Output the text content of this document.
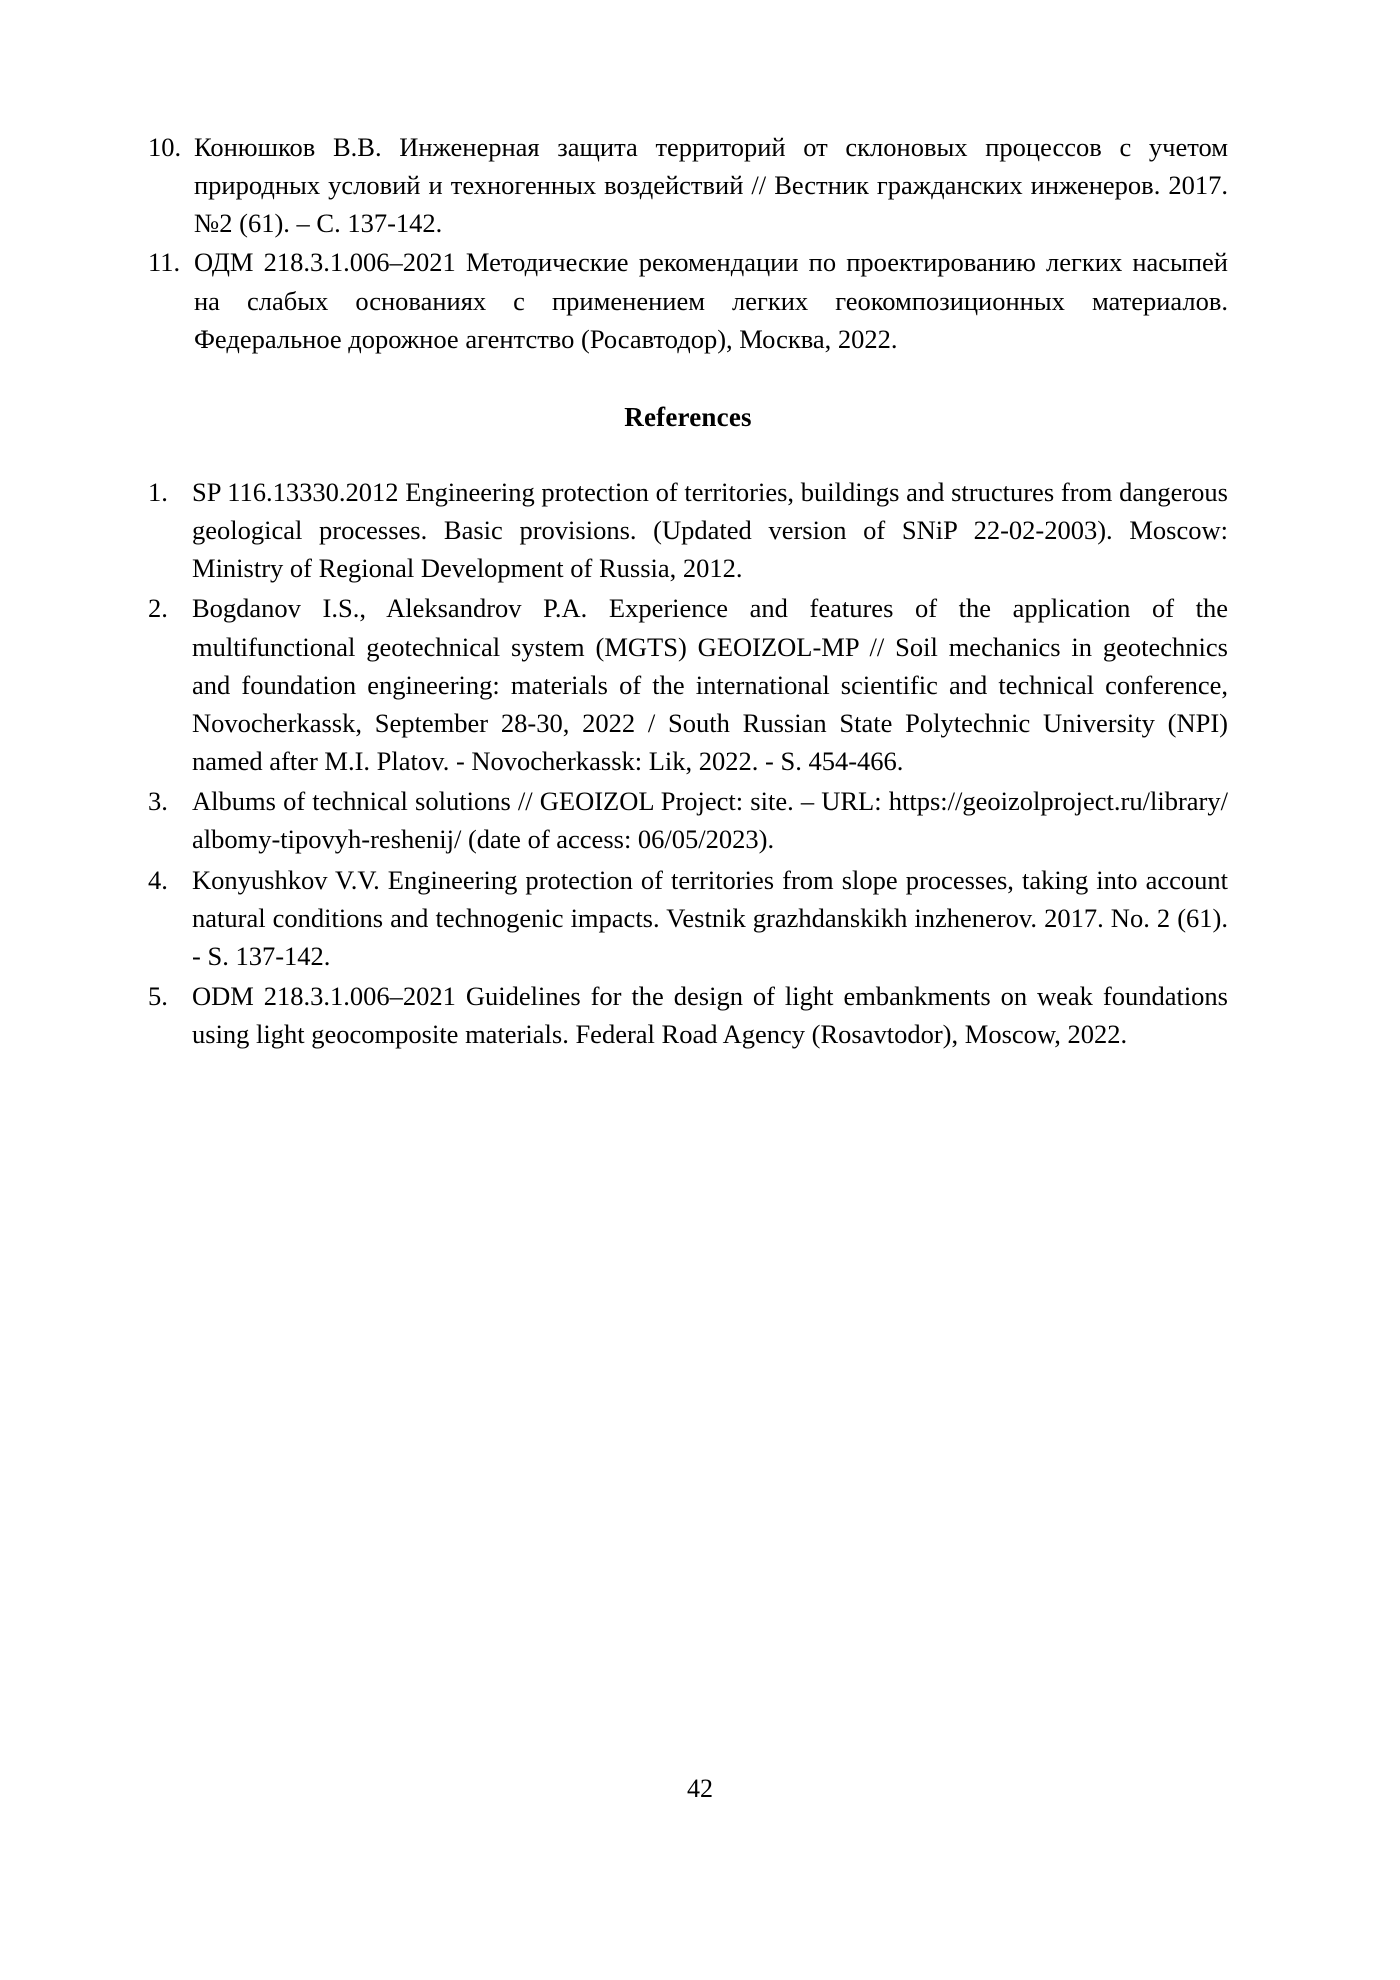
10. Конюшков В.В. Инженерная защита территорий от склоновых процессов с учетом природных условий и техногенных воздействий // Вестник гражданских инженеров. 2017. №2 (61). – С. 137-142.
11. ОДМ 218.3.1.006–2021 Методические рекомендации по проектированию легких насыпей на слабых основаниях с применением легких геокомпозиционных материалов. Федеральное дорожное агентство (Росавтодор), Москва, 2022.
References
1. SP 116.13330.2012 Engineering protection of territories, buildings and structures from dangerous geological processes. Basic provisions. (Updated version of SNiP 22-02-2003). Moscow: Ministry of Regional Development of Russia, 2012.
2. Bogdanov I.S., Aleksandrov P.A. Experience and features of the application of the multifunctional geotechnical system (MGTS) GEOIZOL-MP // Soil mechanics in geotechnics and foundation engineering: materials of the international scientific and technical conference, Novocherkassk, September 28-30, 2022 / South Russian State Polytechnic University (NPI) named after M.I. Platov. - Novocherkassk: Lik, 2022. - S. 454-466.
3. Albums of technical solutions // GEOIZOL Project: site. – URL: https://geoizolproject.ru/library/albomy-tipovyh-reshenij/ (date of access: 06/05/2023).
4. Konyushkov V.V. Engineering protection of territories from slope processes, taking into account natural conditions and technogenic impacts. Vestnik grazhdanskikh inzhenerov. 2017. No. 2 (61). - S. 137-142.
5. ODM 218.3.1.006–2021 Guidelines for the design of light embankments on weak foundations using light geocomposite materials. Federal Road Agency (Rosavtodor), Moscow, 2022.
42
